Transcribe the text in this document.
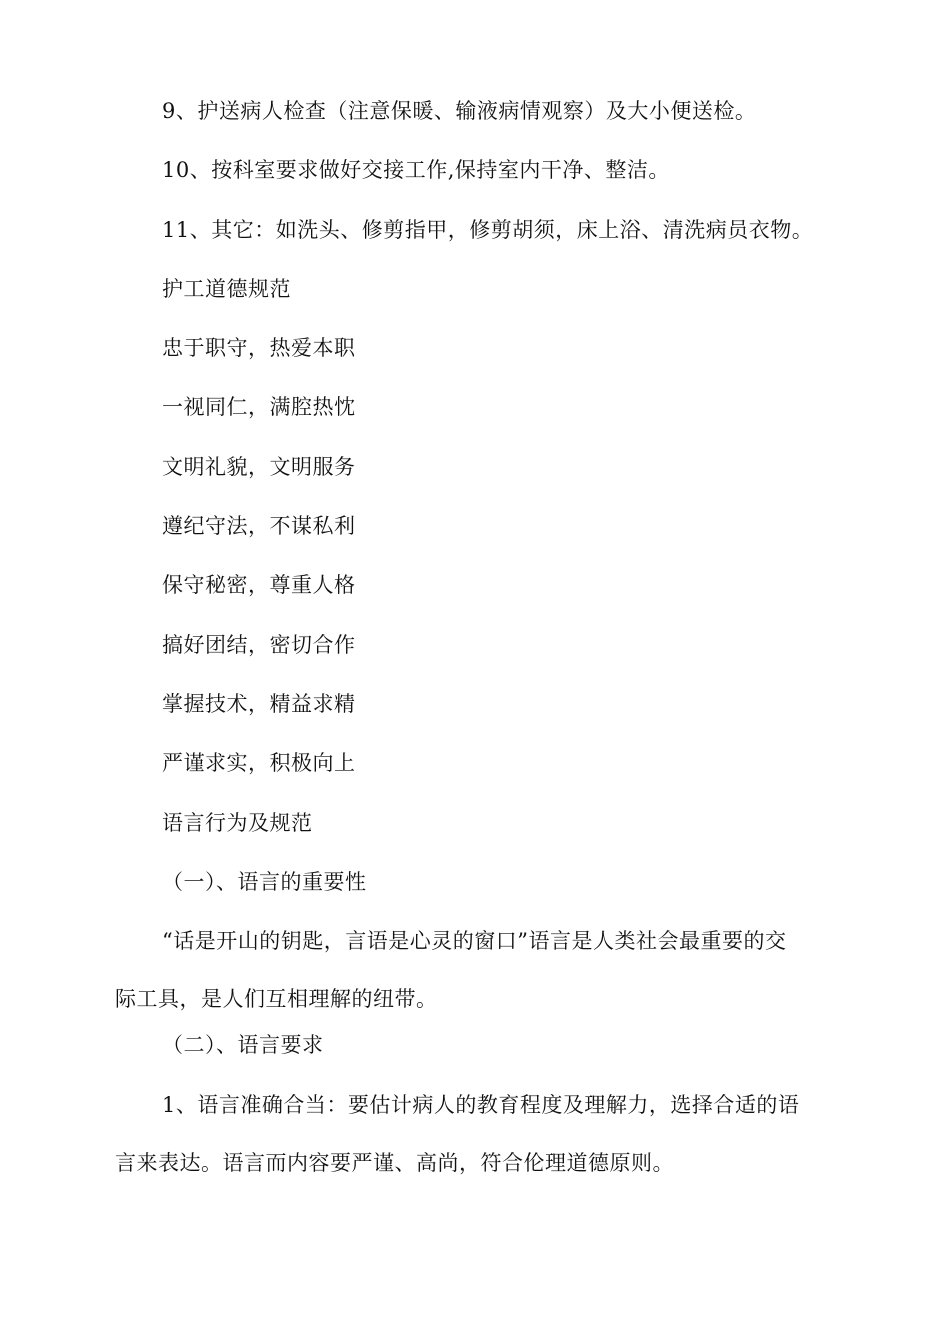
9、护送病人检查（注意保暖、输液病情观察）及大小便送检。
10、按科室要求做好交接工作,保持室内干净、整洁。
11、其它：如洗头、修剪指甲，修剪胡须，床上浴、清洗病员衣物。
护工道德规范
忠于职守，热爱本职
一视同仁，满腔热忱
文明礼貌，文明服务
遵纪守法，不谋私利
保守秘密，尊重人格
搞好团结，密切合作
掌握技术，精益求精
严谨求实，积极向上
语言行为及规范
（一）、语言的重要性
“话是开山的钥匙，言语是心灵的窗口”语言是人类社会最重要的交
际工具，是人们互相理解的纽带。
（二）、语言要求
1、语言准确合当：要估计病人的教育程度及理解力，选择合适的语
言来表达。语言而内容要严谨、高尚，符合伦理道德原则。
